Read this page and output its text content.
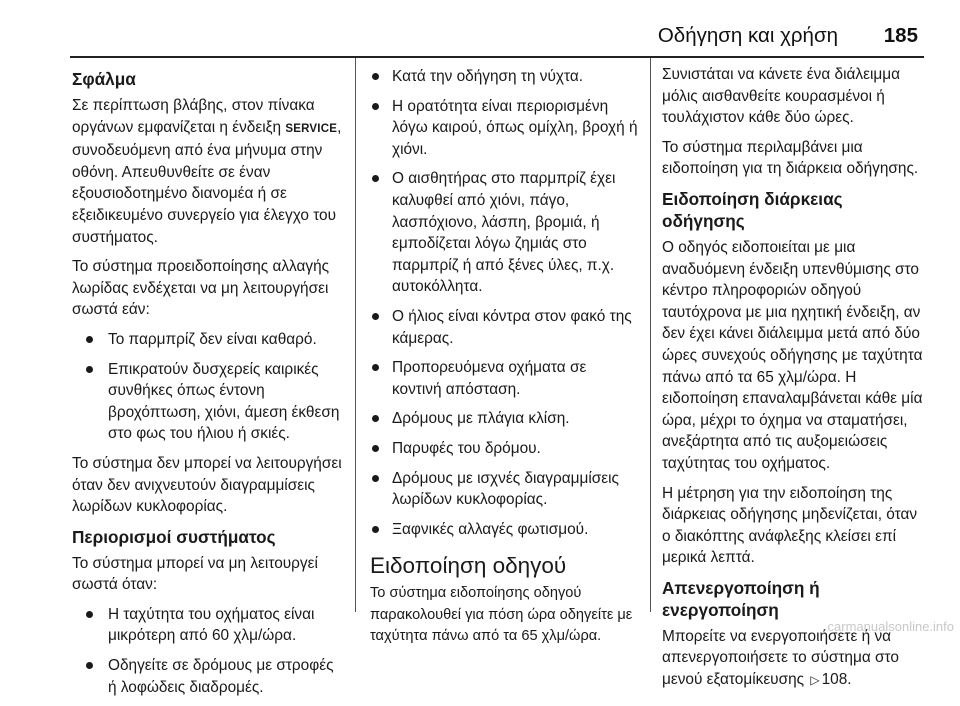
Οδήγηση και χρήση 185
Σφάλμα

Σε περίπτωση βλάβης, στον πίνακα οργάνων εμφανίζεται η ένδειξη SERVICE, συνοδευόμενη από ένα μήνυμα στην οθόνη. Απευθυνθείτε σε έναν εξουσιοδοτημένο διανομέα ή σε εξειδικευμένο συνεργείο για έλεγχο του συστήματος.

Το σύστημα προειδοποίησης αλλαγής λωρίδας ενδέχεται να μη λειτουργήσει σωστά εάν:

Το παρμπρίζ δεν είναι καθαρό.
Επικρατούν δυσχερείς καιρικές συνθήκες όπως έντονη βροχόπτωση, χιόνι, άμεση έκθεση στο φως του ήλιου ή σκιές.

Το σύστημα δεν μπορεί να λειτουργήσει όταν δεν ανιχνευτούν διαγραμμίσεις λωρίδων κυκλοφορίας.

Περιορισμοί συστήματος

Το σύστημα μπορεί να μη λειτουργεί σωστά όταν:

Η ταχύτητα του οχήματος είναι μικρότερη από 60 χλμ/ώρα.
Οδηγείτε σε δρόμους με στροφές ή λοφώδεις διαδρομές.
Κατά την οδήγηση τη νύχτα.
Η ορατότητα είναι περιορισμένη λόγω καιρού, όπως ομίχλη, βροχή ή χιόνι.
Ο αισθητήρας στο παρμπρίζ έχει καλυφθεί από χιόνι, πάγο, λασπόχιονο, λάσπη, βρομιά, ή εμποδίζεται λόγω ζημιάς στο παρμπρίζ ή από ξένες ύλες, π.χ. αυτοκόλλητα.
Ο ήλιος είναι κόντρα στον φακό της κάμερας.
Προπορευόμενα οχήματα σε κοντινή απόσταση.
Δρόμους με πλάγια κλίση.
Παρυφές του δρόμου.
Δρόμους με ισχνές διαγραμμίσεις λωρίδων κυκλοφορίας.
Ξαφνικές αλλαγές φωτισμού.
Ειδοποίηση οδηγού

Το σύστημα ειδοποίησης οδηγού παρακολουθεί για πόση ώρα οδηγείτε με ταχύτητα πάνω από τα 65 χλμ/ώρα.

Συνιστάται να κάνετε ένα διάλειμμα μόλις αισθανθείτε κουρασμένοι ή τουλάχιστον κάθε δύο ώρες.

Το σύστημα περιλαμβάνει μια ειδοποίηση για τη διάρκεια οδήγησης.

Ειδοποίηση διάρκειας οδήγησης

Ο οδηγός ειδοποιείται με μια αναδυόμενη ένδειξη υπενθύμισης στο κέντρο πληροφοριών οδηγού ταυτόχρονα με μια ηχητική ένδειξη, αν δεν έχει κάνει διάλειμμα μετά από δύο ώρες συνεχούς οδήγησης με ταχύτητα πάνω από τα 65 χλμ/ώρα. Η ειδοποίηση επαναλαμβάνεται κάθε μία ώρα, μέχρι το όχημα να σταματήσει, ανεξάρτητα από τις αυξομειώσεις ταχύτητας του οχήματος.

Η μέτρηση για την ειδοποίηση της διάρκειας οδήγησης μηδενίζεται, όταν ο διακόπτης ανάφλεξης κλείσει επί μερικά λεπτά.

Απενεργοποίηση ή ενεργοποίηση

Μπορείτε να ενεργοποιήσετε ή να απενεργοποιήσετε το σύστημα στο μενού εξατομίκευσης ▷ 108.

carmanualsonline.info
